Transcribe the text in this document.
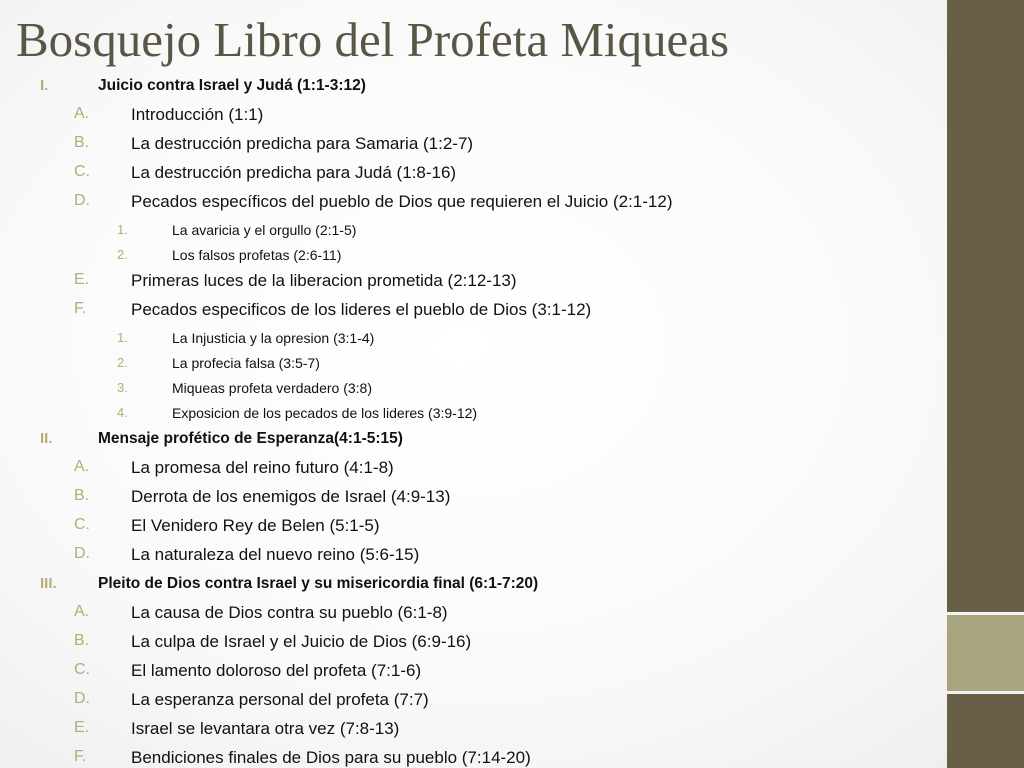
Bosquejo Libro del Profeta Miqueas
I.	Juicio contra Israel y Judá (1:1-3:12)
A. Introducción (1:1)
B. La destrucción predicha para Samaria (1:2-7)
C. La destrucción predicha para Judá (1:8-16)
D. Pecados específicos del pueblo de Dios que requieren el Juicio (2:1-12)
1.	La avaricia y el orgullo (2:1-5)
2.	Los falsos profetas (2:6-11)
E. Primeras luces de la liberacion prometida (2:12-13)
F.	Pecados especificos de los lideres el pueblo de Dios (3:1-12)
1.	La Injusticia y la opresion (3:1-4)
2.	La profecia falsa (3:5-7)
3.	Miqueas profeta verdadero (3:8)
4.	Exposicion de los pecados de los lideres (3:9-12)
II.	Mensaje profético de Esperanza(4:1-5:15)
A. La promesa del reino futuro (4:1-8)
B. Derrota de los enemigos de Israel (4:9-13)
C. El Venidero Rey de Belen (5:1-5)
D. La naturaleza del nuevo reino (5:6-15)
III.	Pleito de Dios contra Israel y su misericordia final (6:1-7:20)
A. La causa de Dios contra su pueblo (6:1-8)
B. La culpa de Israel y el Juicio de Dios (6:9-16)
C. El lamento doloroso del profeta (7:1-6)
D. La esperanza personal del profeta (7:7)
E. Israel se levantara otra vez (7:8-13)
F.	Bendiciones finales de Dios para su pueblo (7:14-20)
